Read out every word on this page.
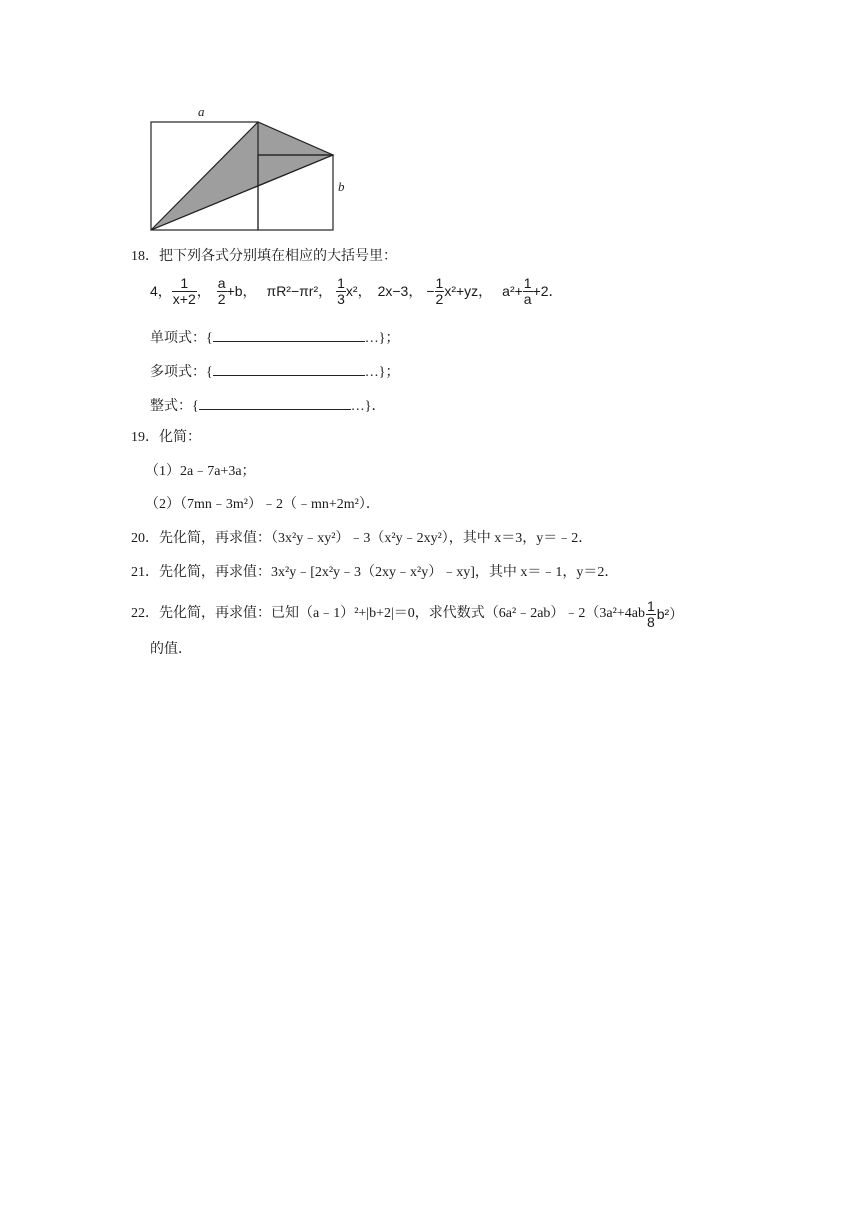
a
b
18．把下列各式分别填在相应的大括号里：
4， $\frac{1}{x+2}$ ， $\frac{a}{2} +b$， πR²−πr²， $\frac{1}{3} x^2$， 2x−3， − $\frac{1}{2} x^2+yz$， $a^2+ \frac{1}{a} +2$．
单项式：{	…}；
多项式：{	…}；
整式：{	…}．
19．化简：
（1）2a﹣7a+3a；
（2）（7mn﹣3m²）﹣2（﹣mn+2m²）．
20．先化简，再求值：（3x²y﹣xy²）﹣3（x²y﹣2xy²），其中 x＝3，y＝﹣2．
21．先化简，再求值：3x²y﹣[2x²y﹣3（2xy﹣x²y）﹣xy]，其中 x＝﹣1，y＝2．
22． 先化简，再求值：已知（a﹣1）²+|b+2|＝0，求代数式（6a²﹣2ab）﹣2（3a²+4ab $\frac{1}{8} b^2$）
的值．
